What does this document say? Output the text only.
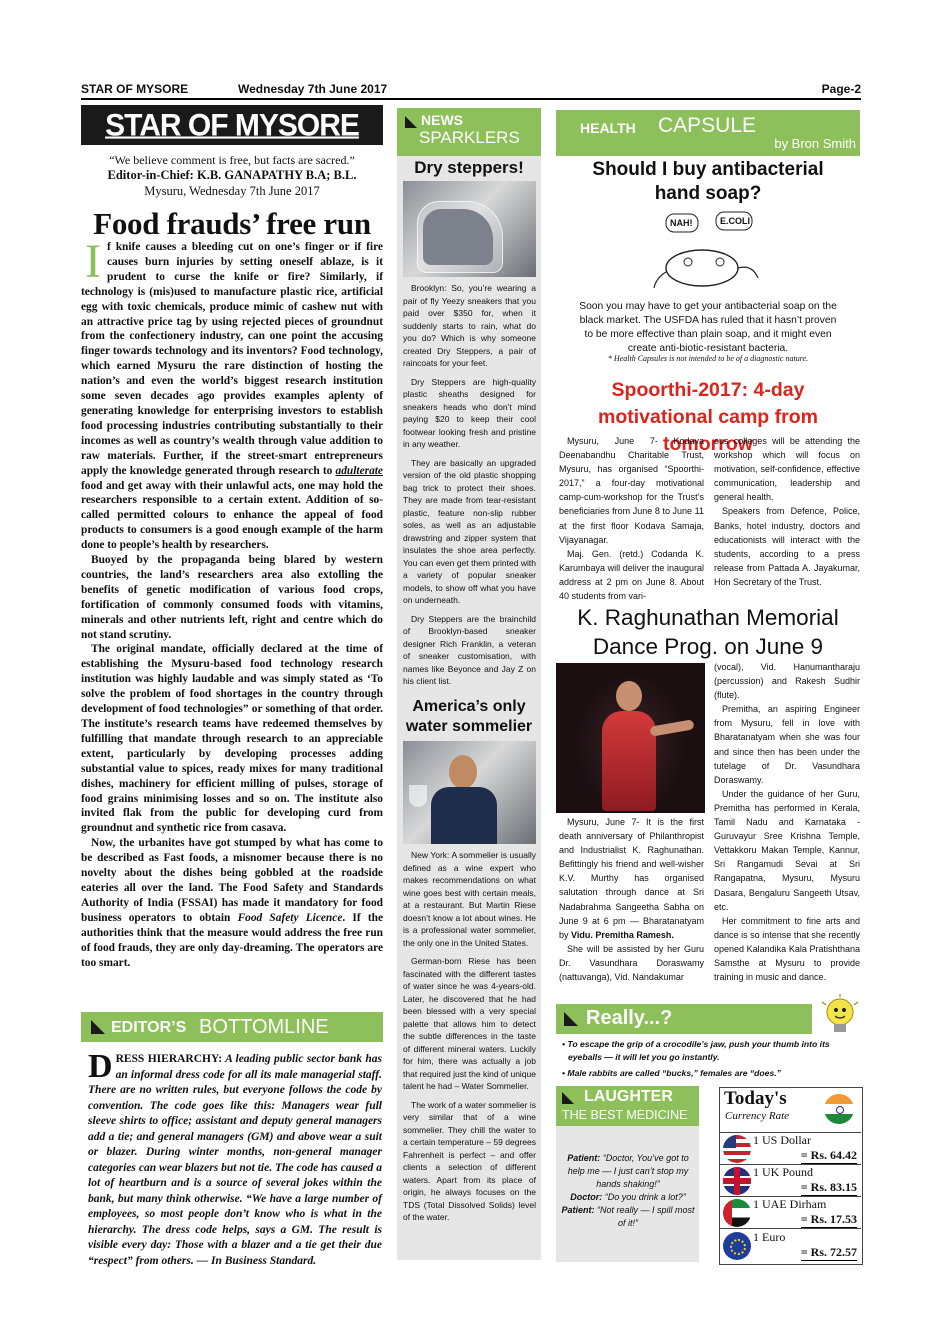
STAR OF MYSORE	Wednesday 7th June 2017	Page-2
STAR OF MYSORE
“We believe comment is free, but facts are sacred.”
Editor-in-Chief: K.B. GANAPATHY B.A; B.L.
Mysuru, Wednesday 7th June 2017
Food frauds’ free run

If knife causes a bleeding cut on one’s finger or if fire causes burn injuries by setting oneself ablaze, is it prudent to curse the knife or fire? Similarly, if technology is (mis)used to manufacture plastic rice, artificial egg with toxic chemicals, produce mimic of cashew nut with an attractive price tag by using rejected pieces of groundnut from the confectionery industry, can one point the accusing finger towards technology and its inventors? Food technology, which earned Mysuru the rare distinction of hosting the nation’s and even the world’s biggest research institution some seven decades ago provides examples aplenty of generating knowledge for enterprising investors to establish food processing industries contributing substantially to their incomes as well as country’s wealth through value addition to raw materials. Further, if the street-smart entrepreneurs apply the knowledge generated through research to adulterate food and get away with their unlawful acts, one may hold the researchers responsible to a certain extent. Addition of so-called permitted colours to enhance the appeal of food products to consumers is a good enough example of the harm done to people’s health by researchers.

Buoyed by the propaganda being blared by western countries, the land’s researchers area also extolling the benefits of genetic modification of various food crops, fortification of commonly consumed foods with vitamins, minerals and other nutrients left, right and centre which do not stand scrutiny.

The original mandate, officially declared at the time of establishing the Mysuru-based food technology research institution was highly laudable and was simply stated as ‘To solve the problem of food shortages in the country through development of food technologies” or something of that order. The institute’s research teams have redeemed themselves by fulfilling that mandate through research to an appreciable extent, particularly by developing processes adding substantial value to spices, ready mixes for many traditional dishes, machinery for efficient milling of pulses, storage of food grains minimising losses and so on. The institute also invited flak from the public for developing curd from groundnut and synthetic rice from casava.

Now, the urbanites have got stumped by what has come to be described as Fast foods, a misnomer because there is no novelty about the dishes being gobbled at the roadside eateries all over the land. The Food Safety and Standards Authority of India (FSSAI) has made it mandatory for food business operators to obtain Food Safety Licence. If the authorities think that the measure would address the free run of food frauds, they are only day-dreaming. The operators are too smart.

EDITOR’S BOTTOMLINE
DRESS HIERARCHY: A leading public sector bank has an informal dress code for all its male managerial staff. There are no written rules, but everyone follows the code by convention. The code goes like this: Managers wear full sleeve shirts to office; assistant and deputy general managers add a tie; and general managers (GM) and above wear a suit or blazer. During winter months, non-general manager categories can wear blazers but not tie. The code has caused a lot of heartburn and is a source of several jokes within the bank, but many think otherwise. “We have a large number of employees, so most people don’t know who is what in the hierarchy. The dress code helps, says a GM. The result is visible every day: Those with a blazer and a tie get their due “respect” from others. — In Business Standard.
NEWS
SPARKLERS
Dry steppers!

Brooklyn: So, you’re wearing a pair of fly Yeezy sneakers that you paid over $350 for, when it suddenly starts to rain, what do you do? Which is why someone created Dry Steppers, a pair of raincoats for your feet.

Dry Steppers are high-quality plastic sheaths designed for sneakers heads who don’t mind paying $20 to keep their cool footwear looking fresh and pristine in any weather.

They are basically an upgraded version of the old plastic shopping bag trick to protect their shoes. They are made from tear-resistant plastic, feature non-slip rubber soles, as well as an adjustable drawstring and zipper system that insulates the shoe area perfectly. You can even get them printed with a variety of popular sneaker models, to show off what you have on underneath.

Dry Steppers are the brainchild of Brooklyn-based sneaker designer Rich Franklin, a veteran of sneaker customisation, with names like Beyonce and Jay Z on his client list.

America’s only water sommelier

New York: A sommelier is usually defined as a wine expert who makes recommendations on what wine goes best with certain meals, at a restaurant. But Martin Riese doesn’t know a lot about wines. He is a professional water sommelier, the only one in the United States.

German-born Riese has been fascinated with the different tastes of water since he was 4-years-old. Later, he discovered that he had been blessed with a very special palette that allows him to detect the subtle differences in the taste of different mineral waters. Luckily for him, there was actually a job that required just the kind of unique talent he had – Water Sommelier.

The work of a water sommelier is very similar that of a wine sommelier. They chill the water to a certain temperature – 59 degrees Fahrenheit is perfect – and offer clients a selection of different waters. Apart from its place of origin, he always focuses on the TDS (Total Dissolved Solids) level of the water.

HEALTH CAPSULE
by Bron Smith
Should I buy antibacterial hand soap?
NAH!	E.COLI
Soon you may have to get your antibacterial soap on the black market. The USFDA has ruled that it hasn’t proven to be more effective than plain soap, and it might even create anti-biotic-resistant bacteria.
* Health Capsules is not intended to be of a diagnostic nature.
Spoorthi-2017: 4-day motivational camp from tomorrow

Mysuru, June 7- Kodava Deenabandhu Charitable Trust, Mysuru, has organised “Spoorthi-2017,” a four-day motivational camp-cum-workshop for the Trust’s beneficiaries from June 8 to June 11 at the first floor Kodava Samaja, Vijayanagar.

Maj. Gen. (retd.) Codanda K. Karumbaya will deliver the inaugural address at 2 pm on June 8. About 40 students from vari-

ous colleges will be attending the workshop which will focus on motivation, self-confidence, effective communication, leadership and general health.

Speakers from Defence, Police, Banks, hotel industry, doctors and educationists will interact with the students, according to a press release from Pattada A. Jayakumar, Hon Secretary of the Trust.

K. Raghunathan Memorial Dance Prog. on June 9

Mysuru, June 7- It is the first death anniversary of Philanthropist and Industrialist K. Raghunathan. Befittingly his friend and well-wisher K.V. Murthy has organised salutation through dance at Sri Nadabrahma Sangeetha Sabha on June 9 at 6 pm — Bharatanatyam by Vidu. Premitha Ramesh.

She will be assisted by her Guru Dr. Vasundhara Doraswamy (nattuvanga), Vid. Nandakumar

(vocal), Vid. Hanumantharaju (percussion) and Rakesh Sudhir (flute).

Premitha, an aspiring Engineer from Mysuru, fell in love with Bharatanatyam when she was four and since then has been under the tutelage of Dr. Vasundhara Doraswamy.

Under the guidance of her Guru, Premitha has performed in Kerala, Tamil Nadu and Karnataka - Guruvayur Sree Krishna Temple, Vettakkoru Makan Temple, Kannur, Sri Rangamudi Sevai at Sri Rangapatna, Mysuru, Mysuru Dasara, Bengaluru Sangeeth Utsav, etc.

Her commitment to fine arts and dance is so intense that she recently opened Kalandika Kala Pratishthana Samsthe at Mysuru to provide training in music and dance.

Really...?
• To escape the grip of a crocodile’s jaw, push your thumb into its eyeballs — it will let you go instantly.
• Male rabbits are called “bucks,” females are “does.”
LAUGHTER
THE BEST MEDICINE
Patient: “Doctor, You’ve got to help me — I just can’t stop my hands shaking!”
Doctor: “Do you drink a lot?”
Patient: “Not really — I spill most of it!”
Today's
Currency Rate
1 US Dollar
= Rs. 64.42
1 UK Pound
= Rs. 83.15
1 UAE Dirham
= Rs. 17.53
1 Euro
= Rs. 72.57
